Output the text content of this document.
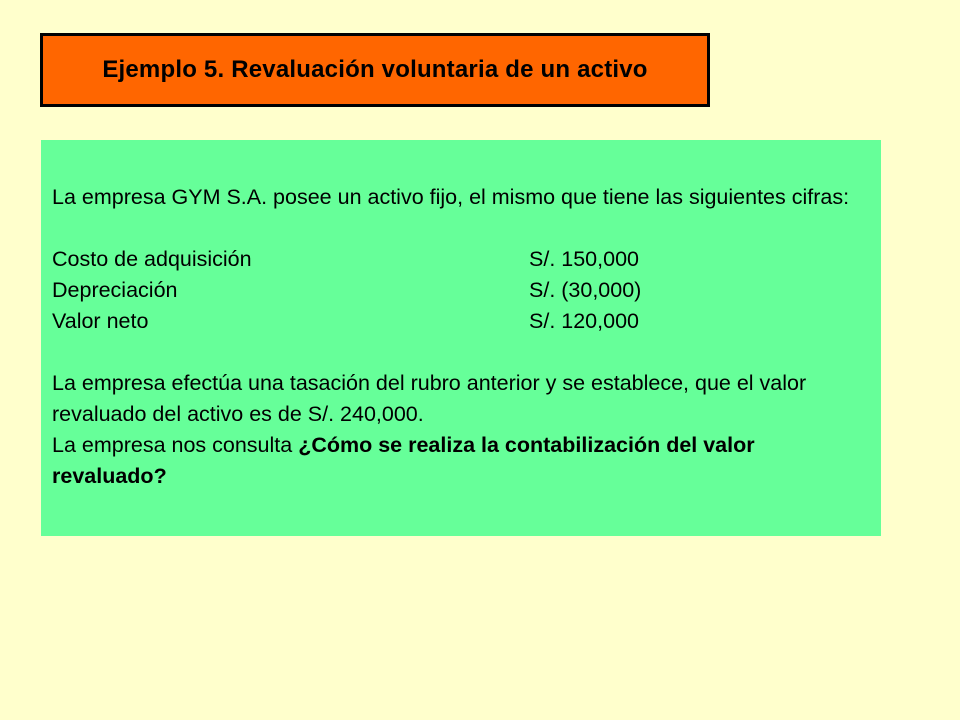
Ejemplo 5. Revaluación voluntaria de un activo

La empresa GYM S.A. posee un activo fijo, el mismo que tiene las siguientes cifras:

Costo de adquisición	S/. 150,000
Depreciación	S/. (30,000)
Valor neto	S/. 120,000

La empresa efectúa una tasación del rubro anterior y se establece, que el valor revaluado del activo es de S/. 240,000.

La empresa nos consulta ¿Cómo se realiza la contabilización del valor revaluado?
